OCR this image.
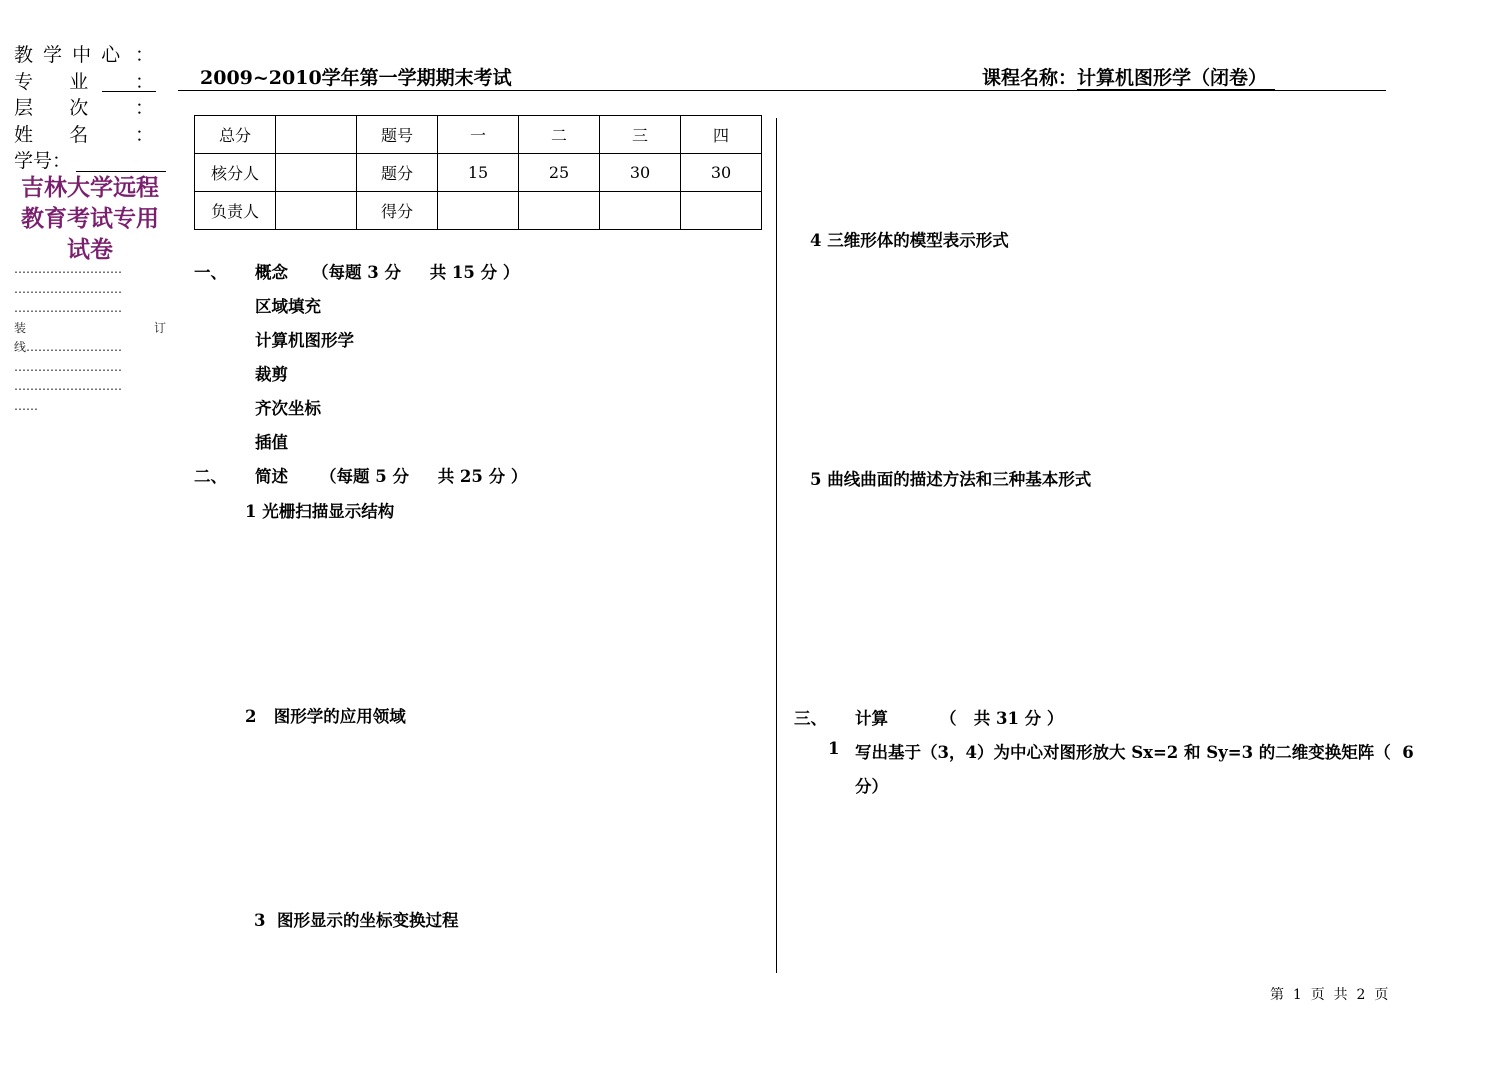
教 学 中 心 ：
专      业 ：
层      次 ：
姓      名 ：
学号：
吉林大学远程
教育考试专用
试卷
………………………
………………………
………………………
装	订
线……………………
………………………
………………………
……
2009~2010学年第一学期期末考试	课程名称：计算机图形学（闭卷）
总分		题号	一	二	三	四
核分人		题分	15	25	30	30
负责人		得分				
一、 概念 （每题 3 分     共 15 分 ）
区域填充
计算机图形学
裁剪
齐次坐标
插值
二、 简述 （每题 5 分     共 25 分 ）
1 光栅扫描显示结构
2 图形学的应用领域
3 图形显示的坐标变换过程
4 三维形体的模型表示形式
5 曲线曲面的描述方法和三种基本形式
三、 计算	（   共 31 分 ）
1 写出基于（3，4）为中心对图形放大 Sx=2 和 Sy=3 的二维变换矩阵（  6
分）
第  1  页  共  2  页
